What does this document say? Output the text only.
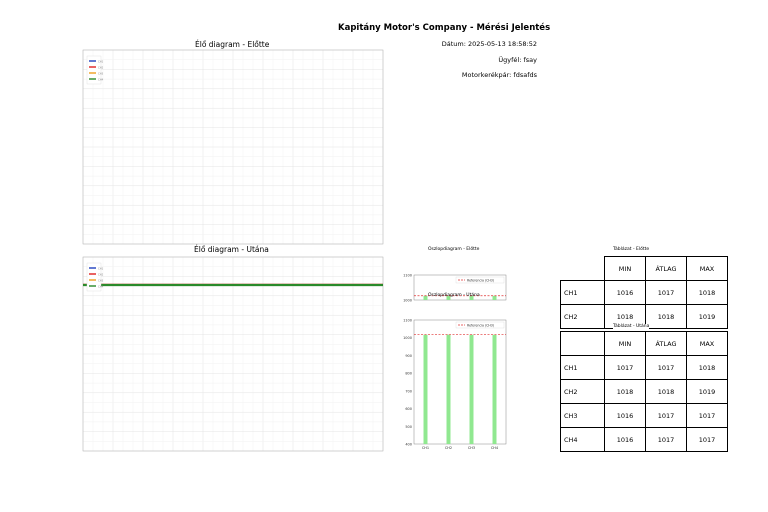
Kapitány Motor's Company - Mérési Jelentés
Dátum: 2025-05-13 18:58:52
Ügyfél: fsay
Motorkerékpár: fdsafds
Élő diagram - Előtte
CH1
CH2
CH3
CH4
Élő diagram - Utána
CH1
CH2
CH3
CH4
Oszlopdiagram - Előtte
1100
1000
Referencia (CH3)
Oszlopdiagram - Utána
1100
1000
900
800
700
600
500
400
CH1	CH2	CH3	CH4
Referencia (CH3)
Táblázat - Előtte
	MIN	ÁTLAG	MAX
CH1	1016	1017	1018
CH2	1018	1018	1019
	MIN	ÁTLAG	MAX
CH1	1017	1017	1018
CH2	1018	1018	1019
CH3	1016	1017	1017
CH4	1016	1017	1017
Táblázat - Utána
